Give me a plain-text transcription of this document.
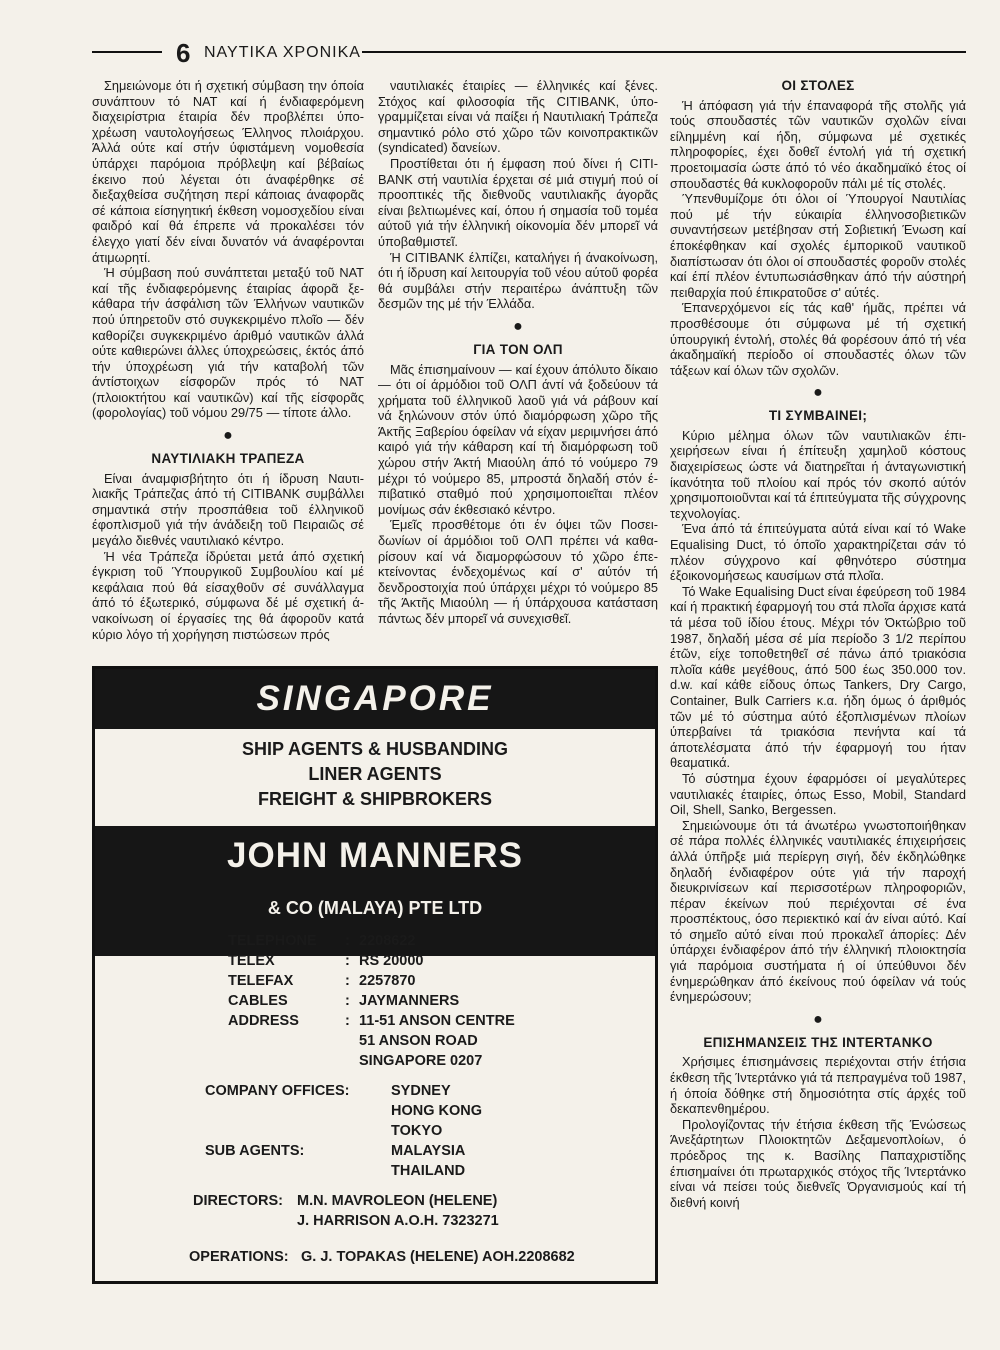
6 ΝΑΥΤΙΚΑ ΧΡΟΝΙΚΑ

Σημειώνομε ότι ή σχετική σύμβαση την όποία συνάπτουν τό ΝΑΤ καί ή ένδιαφερόμενη διαχειρίστρια έταιρία δέν προβλέπει ύποχρέωση ναυτολογήσεως Έλληνος πλοιάρχου. Άλλά ούτε καί στήν ύφιστάμενη νομοθεσία ύπάρχει παρόμοια πρόβλεψη καί βέβαίως έκεινο πού λέγεται ότι άναφέρθηκε σέ διεξαχθείσα συζήτηση περί κάποιας άναφορᾶς σέ κάποια είσηγητική έκθεση νομοσχεδίου είναι φαιδρό καί θά έπρεπε νά προκαλέσει τόν έλεγχο γιατί δέν είναι δυνατόν νά άναφέρονται άτιμωρητί.

Ή σύμβαση πού συνάπτεται μεταξύ τοῦ ΝΑΤ καί τῆς ένδιαφερόμενης έταιρίας άφορᾶ ξεκάθαρα τήν άσφάλιση τῶν Έλλήνων ναυτικῶν πού ύπηρετοῦν στό συγκεκριμένο πλοῖο — δέν καθορίζει συγκεκριμένο άριθμό ναυτικῶν άλλά ούτε καθιερώνει άλλες ύποχρεώσεις, έκτός άπό τήν ύποχρέωση γιά τήν καταβολή τῶν άντίστοιχων είσφορῶν πρός τό ΝΑΤ (πλοιοκτήτου καί ναυτικῶν) καί τῆς είσφορᾶς (φορολογίας) τοῦ νόμου 29/75 — τίποτε άλλο.

●
ΝΑΥΤΙΛΙΑΚΗ ΤΡΑΠΕΖΑ

Είναι άναμφισβήτητο ότι ή ίδρυση Ναυτιλιακῆς Τράπεζας άπό τή CITIBANK συμβάλλει σημαντικά στήν προσπάθεια τοῦ έλληνικοῦ έφοπλισμοῦ γιά τήν άνάδειξη τοῦ Πειραιῶς σέ μεγάλο διεθνές ναυτιλιακό κέντρο.

Ή νέα Τράπεζα ίδρύεται μετά άπό σχετική έγκριση τοῦ Ύπουργικοῦ Συμβουλίου καί μέ κεφάλαια πού θά είσαχθοῦν σέ συνάλλαγμα άπό τό έξωτερικό, σύμφωνα δέ μέ σχετική άνακοίνωση οί έργασίες της θά άφοροῦν κατά κύριο λόγο τή χορήγηση πιστώσεων πρός

ναυτιλιακές έταιρίες — έλληνικές καί ξένες. Στόχος καί φιλοσοφία τῆς CITIBANK, ύπογραμμίζεται είναι νά παίξει ή Ναυτιλιακή Τράπεζα σημαντικό ρόλο στό χῶρο τῶν κοινοπρακτικῶν (syndicated) δανείων.

Προστίθεται ότι ή έμφαση πού δίνει ή CITIBANK στή ναυτιλία έρχεται σέ μιά στιγμή πού οί προοπτικές τῆς διεθνοῦς ναυτιλιακῆς άγορᾶς είναι βελτιωμένες καί, όπου ή σημασία τοῦ τομέα αύτοῦ γιά τήν έλληνική οίκονομία δέν μπορεῖ νά ύποβαθμιστεῖ.

Ή CITIBANK έλπίζει, καταλήγει ή άνακοίνωση, ότι ή ίδρυση καί λειτουργία τοῦ νέου αύτοῦ φορέα θά συμβάλει στήν περαιτέρω άνάπτυξη τῶν δεσμῶν της μέ τήν Έλλάδα.

●
ΓΙΑ ΤΟΝ ΟΛΠ

Μᾶς έπισημαίνουν — καί έχουν άπόλυτο δίκαιο — ότι οί άρμόδιοι τοῦ ΟΛΠ άντί νά ξοδεύουν τά χρήματα τοῦ έλληνικοῦ λαοῦ γιά νά ράβουν καί νά ξηλώνουν στόν ύπό διαμόρφωση χῶρο τῆς Άκτῆς Ξαβερίου όφείλαν νά είχαν μεριμνήσει άπό καιρό γιά τήν κάθαρση καί τή διαμόρφωση τοῦ χώρου στήν Άκτή Μιαούλη άπό τό νούμερο 79 μέχρι τό νούμερο 85, μπροστά δηλαδή στόν έπιβατικό σταθμό πού χρησιμοποιεῖται πλέον μονίμως σάν έκθεσιακό κέντρο.

Έμεῖς προσθέτομε ότι έν όψει τῶν Ποσειδωνίων οί άρμόδιοι τοῦ ΟΛΠ πρέπει νά καθαρίσουν καί νά διαμορφώσουν τό χῶρο έπεκτείνοντας ένδεχομένως καί σ' αύτόν τή δενδροστοιχία πού ύπάρχει μέχρι τό νούμερο 85 τῆς Άκτῆς Μιαούλη — ή ύπάρχουσα κατάσταση πάντως δέν μπορεῖ νά συνεχισθεῖ.

ΟΙ ΣΤΟΛΕΣ

Ή άπόφαση γιά τήν έπαναφορά τῆς στολῆς γιά τούς σπουδαστές τῶν ναυτικῶν σχολῶν είναι είλημμένη καί ήδη, σύμφωνα μέ σχετικές πληροφορίες, έχει δοθεῖ έντολή γιά τή σχετική προετοιμασία ώστε άπό τό νέο άκαδημαϊκό έτος οί σπουδαστές θά κυκλοφοροῦν πάλι μέ τίς στολές.

Ύπενθυμίζομε ότι όλοι οί Ύπουργοί Ναυτιλίας πού μέ τήν εύκαιρία έλληνοσοβιετικῶν συναντήσεων μετέβησαν στή Σοβιετική Ένωση καί έποκέφθηκαν καί σχολές έμπορικοῦ ναυτικοῦ διαπίστωσαν ότι όλοι οί σπουδαστές φοροῦν στολές καί έπί πλέον έντυπωσιάσθηκαν άπό τήν αύστηρή πειθαρχία πού έπικρατοῦσε σ' αύτές.

Έπανερχόμενοι είς τάς καθ' ήμᾶς, πρέπει νά προσθέσουμε ότι σύμφωνα μέ τή σχετική ύπουργική έντολή, στολές θά φορέσουν άπό τή νέα άκαδημαϊκή περίοδο οί σπουδαστές όλων τῶν τάξεων καί όλων τῶν σχολῶν.

●
ΤΙ ΣΥΜΒΑΙΝΕΙ;

Κύριο μέλημα όλων τῶν ναυτιλιακῶν έπιχειρήσεων είναι ή έπίτευξη χαμηλοῦ κόστους διαχειρίσεως ώστε νά διατηρεῖται ή άνταγωνιστική ίκανότητα τοῦ πλοίου καί πρός τόν σκοπό αύτόν χρησιμοποιοῦνται καί τά έπιτεύγματα τῆς σύγχρονης τεχνολογίας.

Ένα άπό τά έπιτεύγματα αύτά είναι καί τό Wake Equalising Duct, τό όποῖο χαρακτηρίζεται σάν τό πλέον σύγχρονο καί φθηνότερο σύστημα έξοικονομήσεως καυσίμων στά πλοῖα.

Τό Wake Equalising Duct είναι έφεύρεση τοῦ 1984 καί ή πρακτική έφαρμογή του στά πλοῖα άρχισε κατά τά μέσα τοῦ ίδίου έτους. Μέχρι τόν Όκτώβριο τοῦ 1987, δηλαδή μέσα σέ μία περίοδο 3 1/2 περίπου έτῶν, είχε τοποθετηθεῖ σέ πάνω άπό τριακόσια πλοῖα κάθε μεγέθους, άπό 500 έως 350.000 τον. d.w. καί κάθε είδους όπως Tankers, Dry Cargo, Container, Bulk Carriers κ.α. ήδη όμως ό άριθμός τῶν μέ τό σύστημα αύτό έξοπλισμένων πλοίων ύπερβαίνει τά τριακόσια πενήντα καί τά άποτελέσματα άπό τήν έφαρμογή του ήταν θεαματικά.

Τό σύστημα έχουν έφαρμόσει οί μεγαλύτερες ναυτιλιακές έταιρίες, όπως Esso, Mobil, Standard Oil, Shell, Sanko, Bergessen.

Σημειώνουμε ότι τά άνωτέρω γνωστοποιήθηκαν σέ πάρα πολλές έλληνικές ναυτιλιακές έπιχειρήσεις άλλά ύπῆρξε μιά περίεργη σιγή, δέν έκδηλώθηκε δηλαδή ένδιαφέρον ούτε γιά τήν παροχή διευκρινίσεων καί περισσοτέρων πληροφοριῶν, πέραν έκείνων πού περιέχονται σέ ένα προσπέκτους, όσο περιεκτικό καί άν είναι αύτό. Καί τό σημεῖο αύτό είναι πού προκαλεῖ άπορίες: Δέν ύπάρχει ένδιαφέρον άπό τήν έλληνική πλοιοκτησία γιά παρόμοια συστήματα ή οί ύπεύθυνοι δέν ένημερώθηκαν άπό έκείνους πού όφείλαν νά τούς ένημερώσουν;

●
ΕΠΙΣΗΜΑΝΣΕΙΣ ΤΗΣ INTERTANKO

Χρήσιμες έπισημάνσεις περιέχονται στήν έτήσια έκθεση τῆς Ίντερτάνκο γιά τά πεπραγμένα τοῦ 1987, ή όποία δόθηκε στή δημοσιότητα στίς άρχές τοῦ δεκαπενθημέρου.

Προλογίζοντας τήν έτήσια έκθεση τῆς Ένώσεως Άνεξάρτητων Πλοιοκτητῶν Δεξαμενοπλοίων, ό πρόεδρος της κ. Βασίλης Παπαχριστίδης έπισημαίνει ότι πρωταρχικός στόχος τῆς Ίντερτάνκο είναι νά πείσει τούς διεθνεῖς Όργανισμούς καί τή διεθνή κοινή

SINGAPORE
SHIP AGENTS & HUSBANDING
LINER AGENTS
FREIGHT & SHIPBROKERS
JOHN MANNERS
& CO (MALAYA) PTE LTD
TELEPHONE : 2208622
TELEX	: RS 20000
TELEFAX	: 2257870
CABLES	: JAYMANNERS
ADDRESS	: 11-51 ANSON CENTRE
51 ANSON ROAD
SINGAPORE 0207
COMPANY OFFICES:	SYDNEY
HONG KONG
TOKYO
SUB AGENTS:	MALAYSIA
THAILAND
DIRECTORS: M.N. MAVROLEON (HELENE)
J. HARRISON A.O.H. 7323271
OPERATIONS: G. J. TOPAKAS (HELENE) AOH.2208682
